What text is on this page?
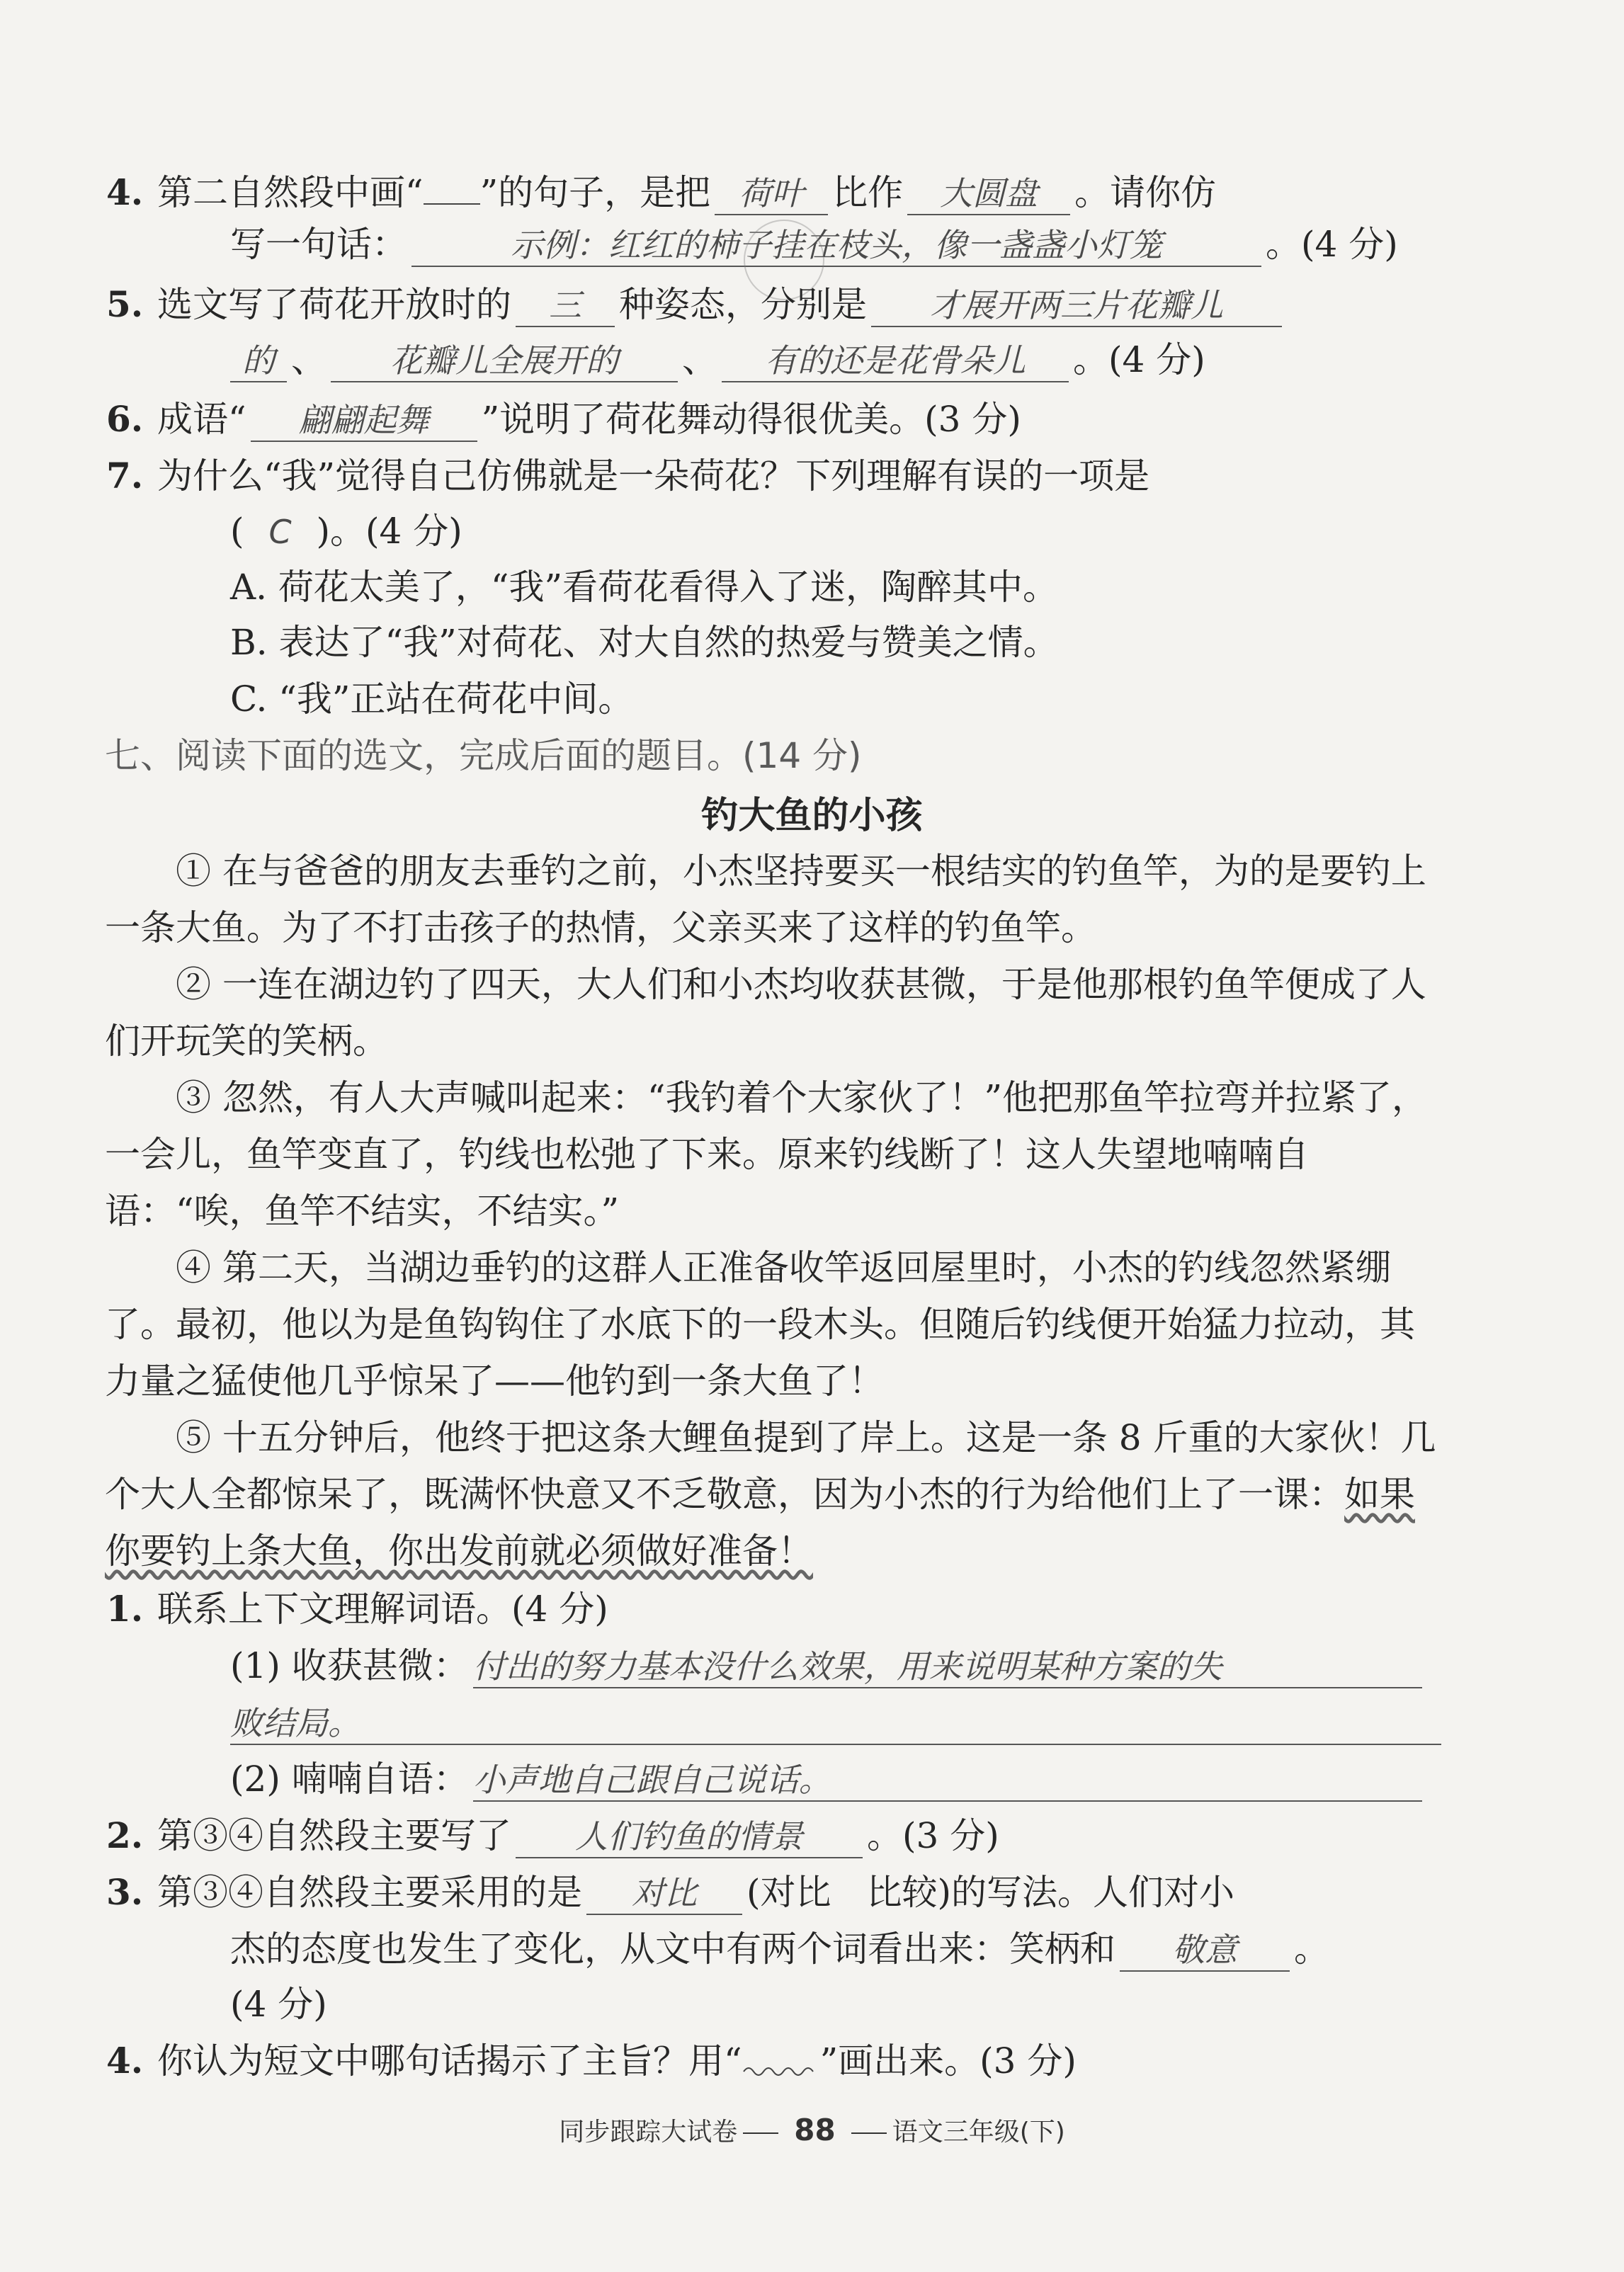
4. 第二自然段中画“ ”的句子，是把 荷叶 比作 大圆盘 。请你仿
写一句话：	示例：红红的柿子挂在枝头，像一盏盏小灯笼	。(4 分)
5. 选文写了荷花开放时的 三 种姿态，分别是 才展开两三片花瓣儿
的 、 花瓣儿全展开的 、 有的还是花骨朵儿 。(4 分)
6. 成语“ 翩翩起舞 ”说明了荷花舞动得很优美。(3 分)
7. 为什么“我”觉得自己仿佛就是一朵荷花？下列理解有误的一项是
( C )。(4 分)
A. 荷花太美了，“我”看荷花看得入了迷，陶醉其中。
B. 表达了“我”对荷花、对大自然的热爱与赞美之情。
C. “我”正站在荷花中间。
七、阅读下面的选文，完成后面的题目。(14 分)
钓大鱼的小孩
① 在与爸爸的朋友去垂钓之前，小杰坚持要买一根结实的钓鱼竿，为的是要钓上一条大鱼。为了不打击孩子的热情，父亲买来了这样的钓鱼竿。
② 一连在湖边钓了四天，大人们和小杰均收获甚微，于是他那根钓鱼竿便成了人们开玩笑的笑柄。
③ 忽然，有人大声喊叫起来：“我钓着个大家伙了！”他把那鱼竿拉弯并拉紧了，一会儿，鱼竿变直了，钓线也松弛了下来。原来钓线断了！这人失望地喃喃自语：“唉，鱼竿不结实，不结实。”
④ 第二天，当湖边垂钓的这群人正准备收竿返回屋里时，小杰的钓线忽然紧绷了。最初，他以为是鱼钩钩住了水底下的一段木头。但随后钓线便开始猛力拉动，其力量之猛使他几乎惊呆了——他钓到一条大鱼了！
⑤ 十五分钟后，他终于把这条大鲤鱼提到了岸上。这是一条 8 斤重的大家伙！几个大人全都惊呆了，既满怀快意又不乏敬意，因为小杰的行为给他们上了一课：如果你要钓上条大鱼，你出发前就必须做好准备！
1. 联系上下文理解词语。(4 分)
(1) 收获甚微： 付出的努力基本没什么效果，用来说明某种方案的失
败结局。
(2) 喃喃自语： 小声地自己跟自己说话。
2. 第③④自然段主要写了 人们钓鱼的情景 。(3 分)
3. 第③④自然段主要采用的是 对比 (对比　比较)的写法。人们对小
杰的态度也发生了变化，从文中有两个词看出来：笑柄和 敬意 。
(4 分)
4. 你认为短文中哪句话揭示了主旨？用“ ”画出来。(3 分)
同步跟踪大试卷 88 语文三年级(下)
